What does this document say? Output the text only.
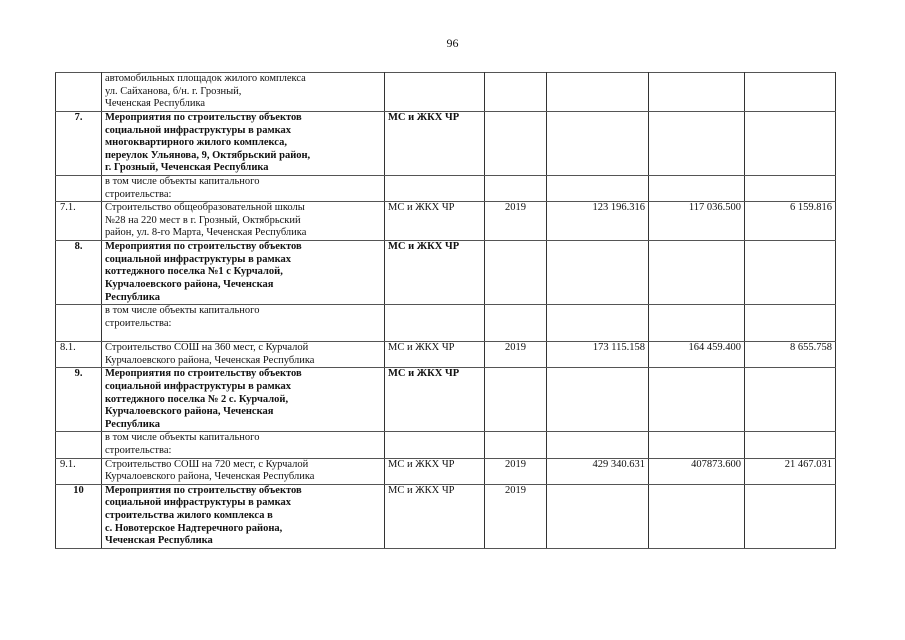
96

	автомобильных площадок жилого комплекса
ул. Сайханова, б/н. г. Грозный,
Чеченская Республика					

7.	Мероприятия по строительству объектов
социальной инфраструктуры в рамках
многоквартирного жилого комплекса,
переулок Ульянова, 9, Октябрьский район,
г. Грозный, Чеченская Республика	МС и ЖКХ ЧР				

	в том числе объекты капитального
строительства:					

7.1.	Строительство общеобразовательной школы
№28 на 220 мест в г. Грозный, Октябрьский
район, ул. 8-го Марта, Чеченская Республика	МС и ЖКХ ЧР	2019	123 196.316	117 036.500	6 159.816
8.	Мероприятия по строительству объектов
социальной инфраструктуры в рамках
коттеджного поселка №1 с Курчалой,
Курчалоевского района, Чеченская
Республика	МС и ЖКХ ЧР				

	в том числе объекты капитального
строительства:					

8.1.	Строительство СОШ на 360 мест, с Курчалой
Курчалоевского района, Чеченская Республика	МС и ЖКХ ЧР	2019	173 115.158	164 459.400	8 655.758
9.	Мероприятия по строительству объектов
социальной инфраструктуры в рамках
коттеджного поселка № 2 с. Курчалой,
Курчалоевского района, Чеченская
Республика	МС и ЖКХ ЧР				

	в том числе объекты капитального
строительства:					

9.1.	Строительство СОШ на 720 мест, с Курчалой
Курчалоевского района, Чеченская Республика	МС и ЖКХ ЧР	2019	429 340.631	407873.600	21 467.031
10	Мероприятия по строительству объектов
социальной инфраструктуры в рамках
строительства жилого комплекса в
с. Новотерское Надтеречного района,
Чеченская Республика	МС и ЖКХ ЧР	2019			
